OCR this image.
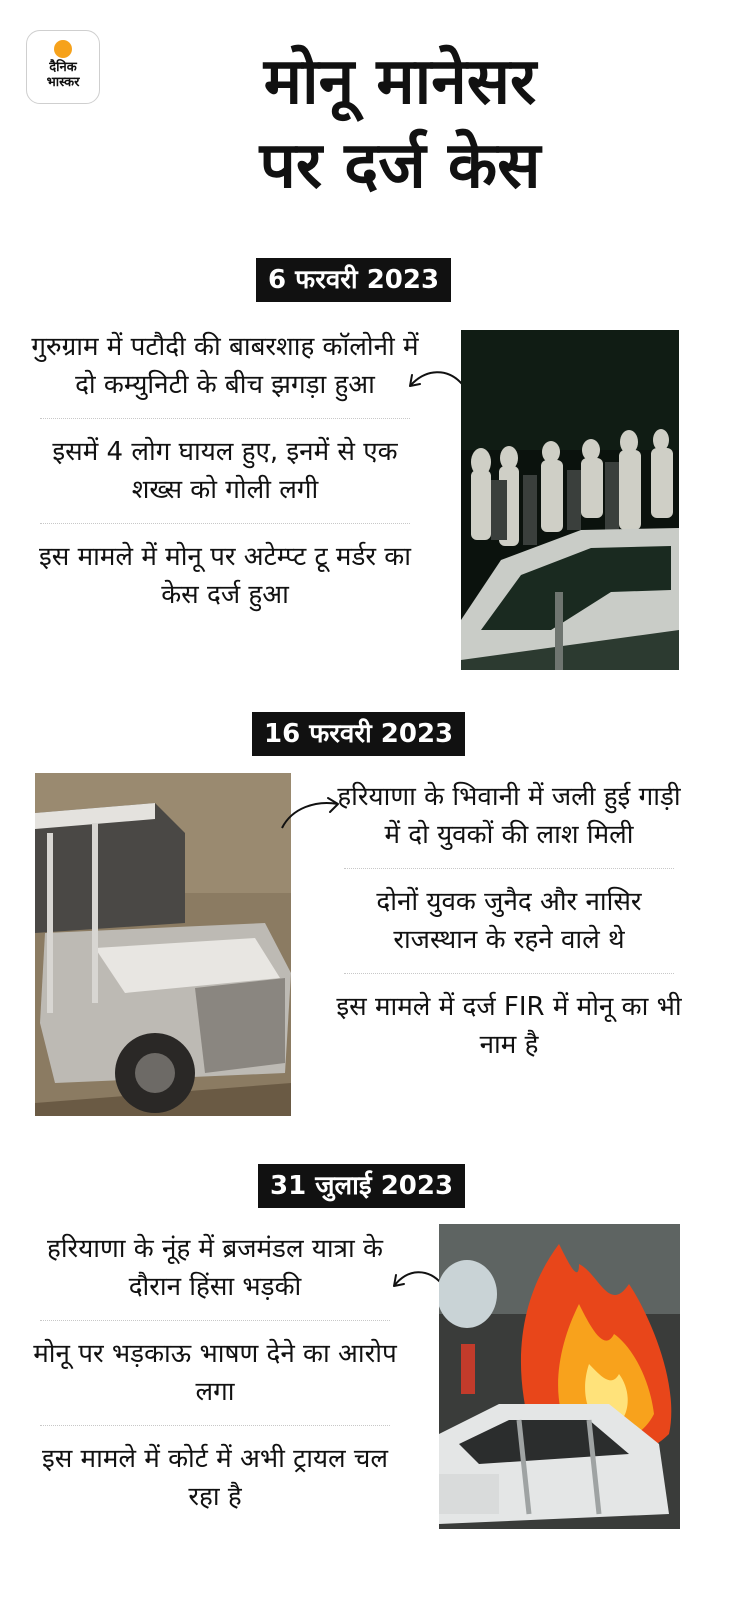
दैनिक
भास्कर	मोनू मानेसर
पर दर्ज केस
6 फरवरी 2023
गुरुग्राम में पटौदी की बाबरशाह कॉलोनी में दो कम्युनिटी के बीच झगड़ा हुआ
इसमें 4 लोग घायल हुए, इनमें से एक शख्स को गोली लगी
इस मामले में मोनू पर अटेम्प्ट टू मर्डर का केस दर्ज हुआ
16 फरवरी 2023
हरियाणा के भिवानी में जली हुई गाड़ी में दो युवकों की लाश मिली
दोनों युवक जुनैद और नासिर राजस्थान के रहने वाले थे
इस मामले में दर्ज FIR में मोनू का भी नाम है
31 जुलाई 2023
हरियाणा के नूंह में ब्रजमंडल यात्रा के दौरान हिंसा भड़की
मोनू पर भड़काऊ भाषण देने का आरोप लगा
इस मामले में कोर्ट में अभी ट्रायल चल रहा है
